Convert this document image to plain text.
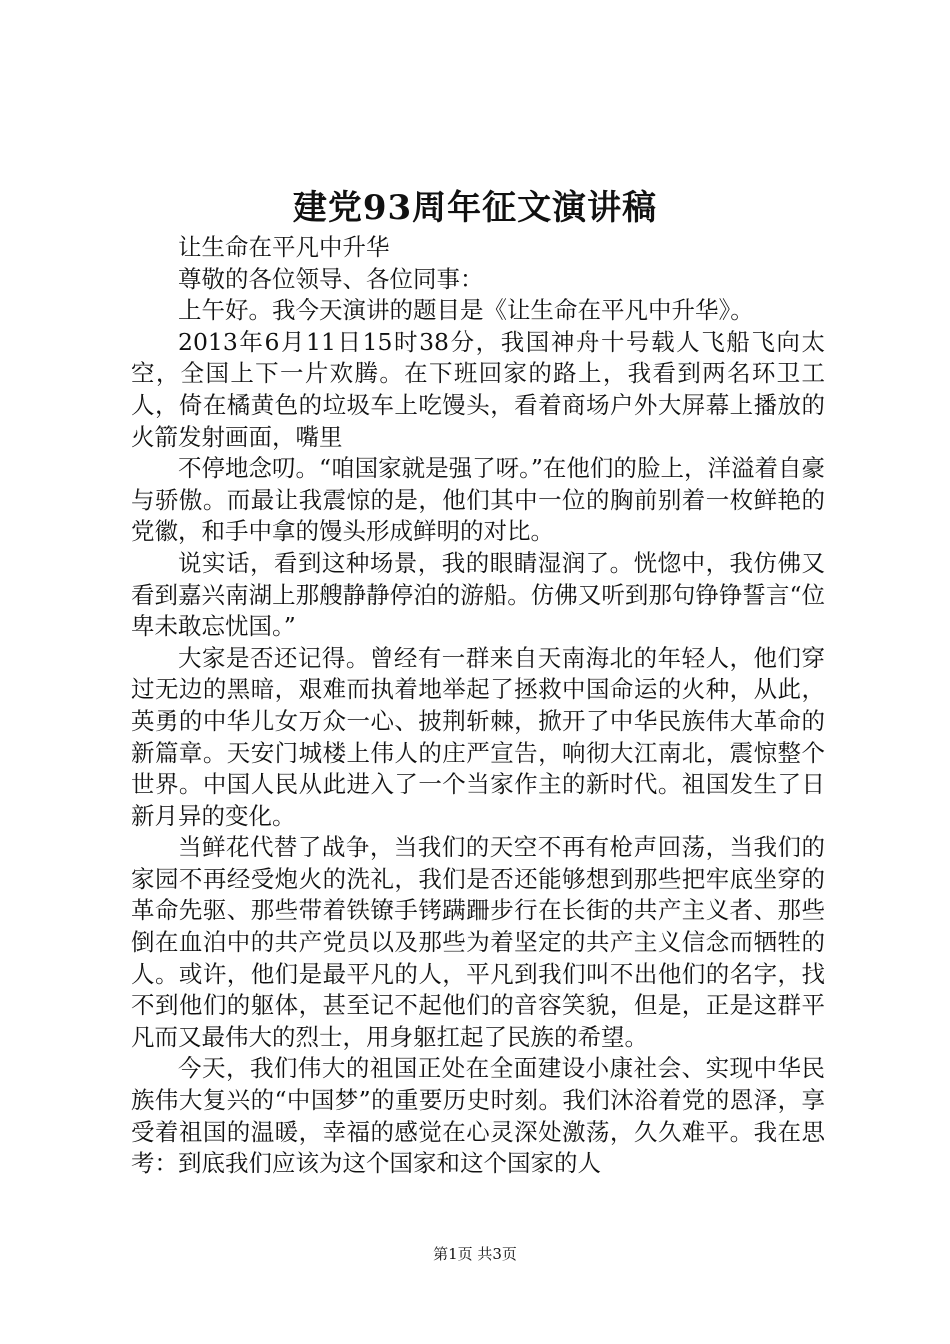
建党93周年征文演讲稿

让生命在平凡中升华

尊敬的各位领导、各位同事：

上午好。我今天演讲的题目是《让生命在平凡中升华》。

2013年6月11日15时38分，我国神舟十号载人飞船飞向太空，全国上下一片欢腾。在下班回家的路上，我看到两名环卫工人，倚在橘黄色的垃圾车上吃馒头，看着商场户外大屏幕上播放的火箭发射画面，嘴里

不停地念叨。“咱国家就是强了呀。”在他们的脸上，洋溢着自豪与骄傲。而最让我震惊的是，他们其中一位的胸前别着一枚鲜艳的党徽，和手中拿的馒头形成鲜明的对比。

说实话，看到这种场景，我的眼睛湿润了。恍惚中，我仿佛又看到嘉兴南湖上那艘静静停泊的游船。仿佛又听到那句铮铮誓言“位卑未敢忘忧国。”

大家是否还记得。曾经有一群来自天南海北的年轻人，他们穿过无边的黑暗，艰难而执着地举起了拯救中国命运的火种，从此，英勇的中华儿女万众一心、披荆斩棘，掀开了中华民族伟大革命的新篇章。天安门城楼上伟人的庄严宣告，响彻大江南北，震惊整个世界。中国人民从此进入了一个当家作主的新时代。祖国发生了日新月异的变化。

当鲜花代替了战争，当我们的天空不再有枪声回荡，当我们的家园不再经受炮火的洗礼，我们是否还能够想到那些把牢底坐穿的革命先驱、那些带着铁镣手铐蹒跚步行在长街的共产主义者、那些倒在血泊中的共产党员以及那些为着坚定的共产主义信念而牺牲的人。或许，他们是最平凡的人，平凡到我们叫不出他们的名字，找不到他们的躯体，甚至记不起他们的音容笑貌，但是，正是这群平凡而又最伟大的烈士，用身躯扛起了民族的希望。

今天，我们伟大的祖国正处在全面建设小康社会、实现中华民族伟大复兴的“中国梦”的重要历史时刻。我们沐浴着党的恩泽，享受着祖国的温暖，幸福的感觉在心灵深处激荡，久久难平。我在思考：到底我们应该为这个国家和这个国家的人

第1页 共3页
